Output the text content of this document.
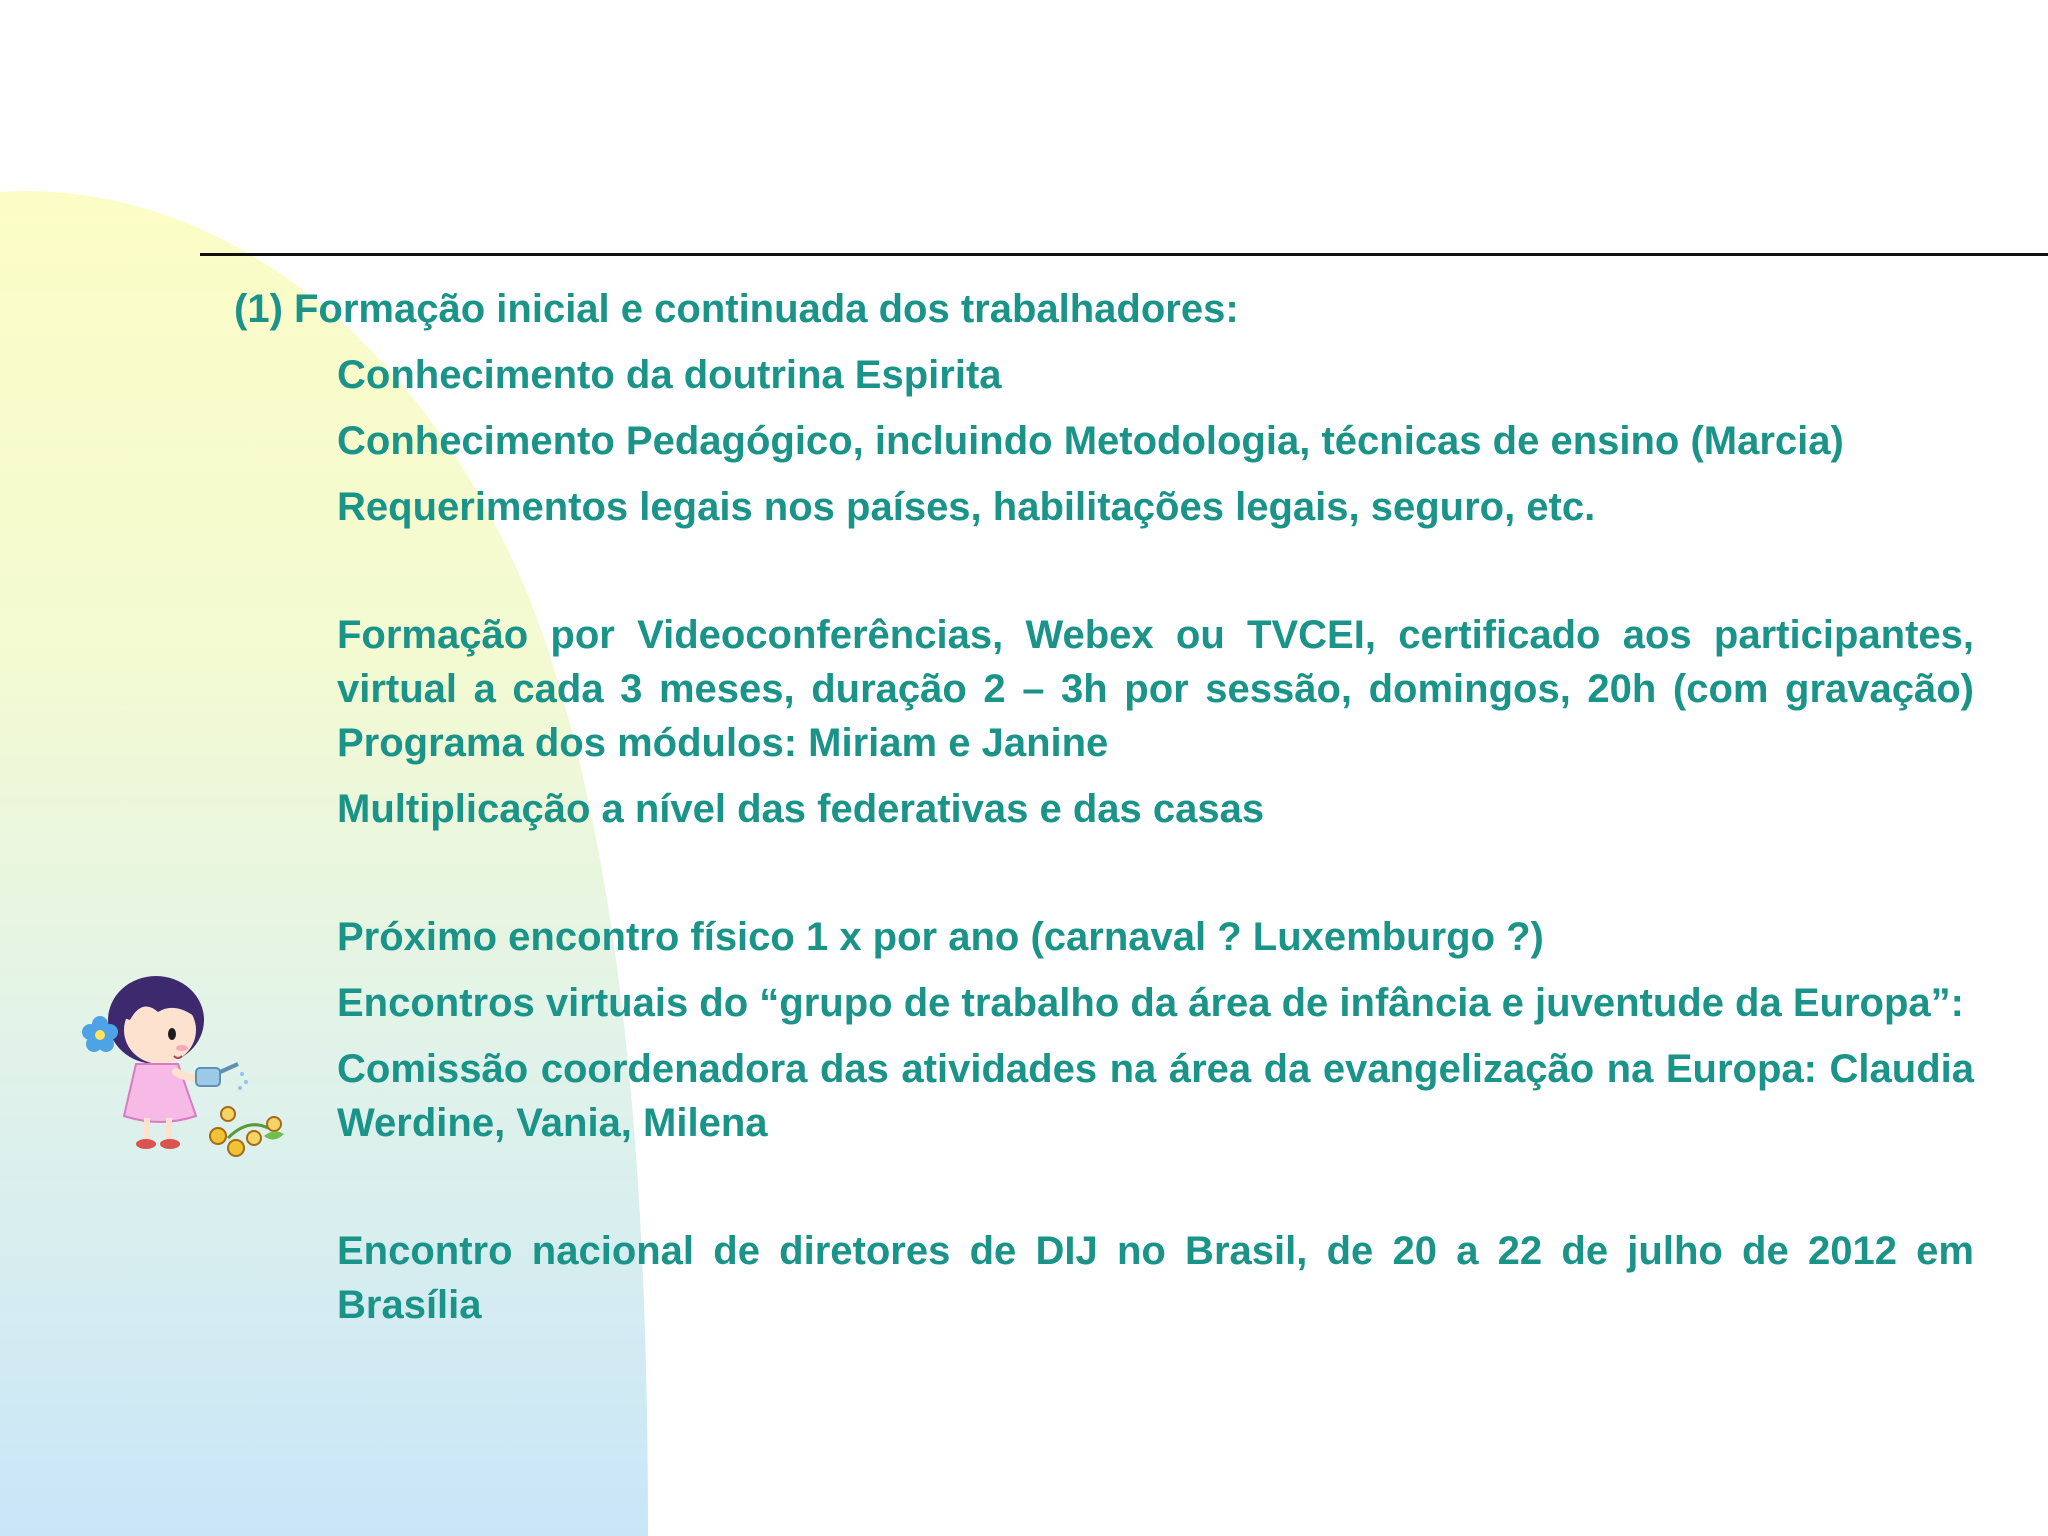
(1) Formação inicial e continuada dos trabalhadores:
Conhecimento da doutrina Espirita
Conhecimento Pedagógico, incluindo Metodologia, técnicas de ensino (Marcia)
Requerimentos legais nos países, habilitações legais, seguro, etc.
Formação por Videoconferências, Webex ou TVCEI, certificado aos participantes, virtual a cada 3 meses, duração 2 – 3h por sessão, domingos, 20h (com gravação) Programa dos módulos: Miriam e Janine
Multiplicação a nível das federativas e das casas
Próximo encontro físico 1 x por ano (carnaval ? Luxemburgo ?)
Encontros virtuais do “grupo de trabalho da área de infância e juventude da Europa”:
Comissão coordenadora das atividades na área da evangelização na Europa: Claudia Werdine, Vania, Milena
Encontro nacional de diretores de DIJ no Brasil, de 20 a 22 de julho de 2012 em Brasília
